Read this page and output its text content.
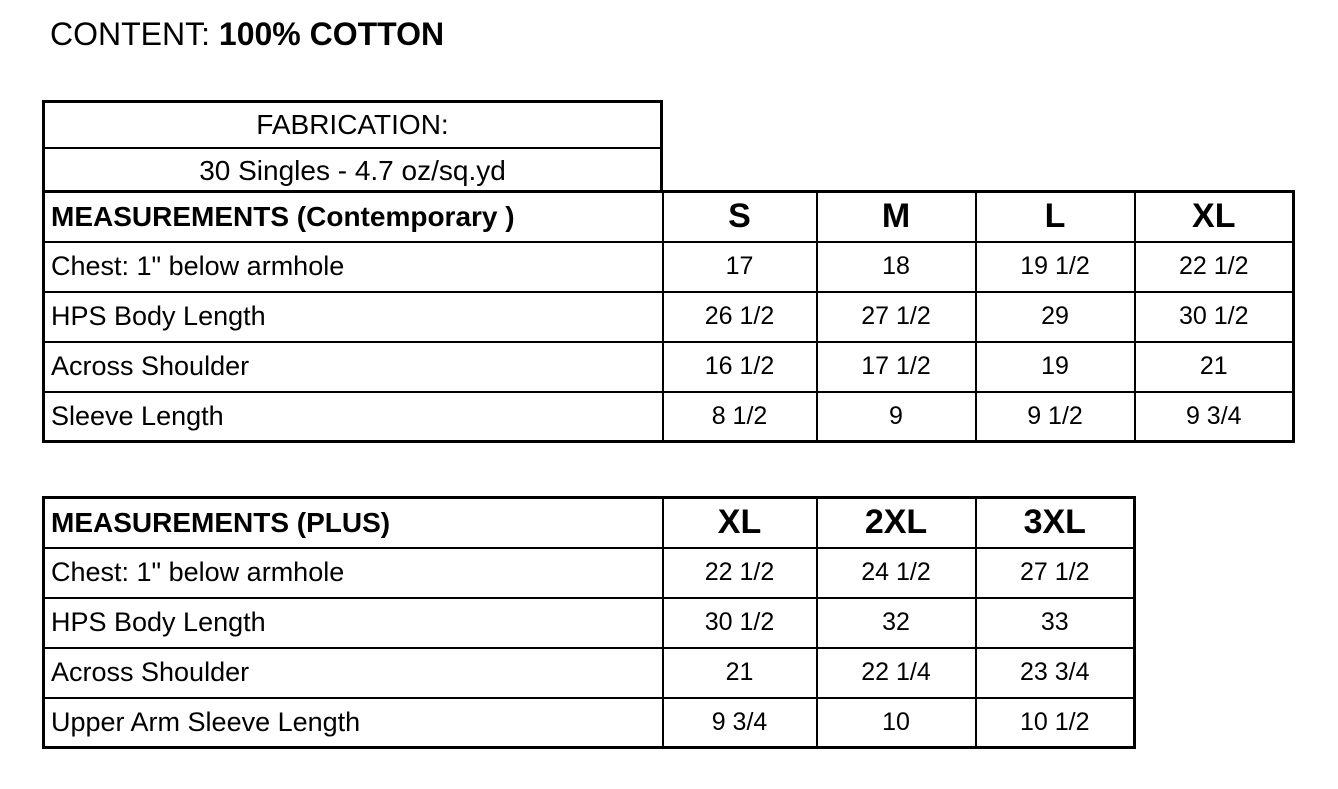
CONTENT: 100% COTTON
FABRICATION:
30 Singles - 4.7 oz/sq.yd
MEASUREMENTS (Contemporary )	S	M	L	XL
Chest: 1" below armhole	17	18	19 1/2	22 1/2
HPS Body Length	26 1/2	27 1/2	29	30 1/2
Across Shoulder	16 1/2	17 1/2	19	21
Sleeve Length	8 1/2	9	9 1/2	9 3/4
MEASUREMENTS (PLUS)	XL	2XL	3XL
Chest: 1" below armhole	22 1/2	24 1/2	27 1/2
HPS Body Length	30 1/2	32	33
Across Shoulder	21	22 1/4	23 3/4
Upper Arm Sleeve Length	9 3/4	10	10 1/2
